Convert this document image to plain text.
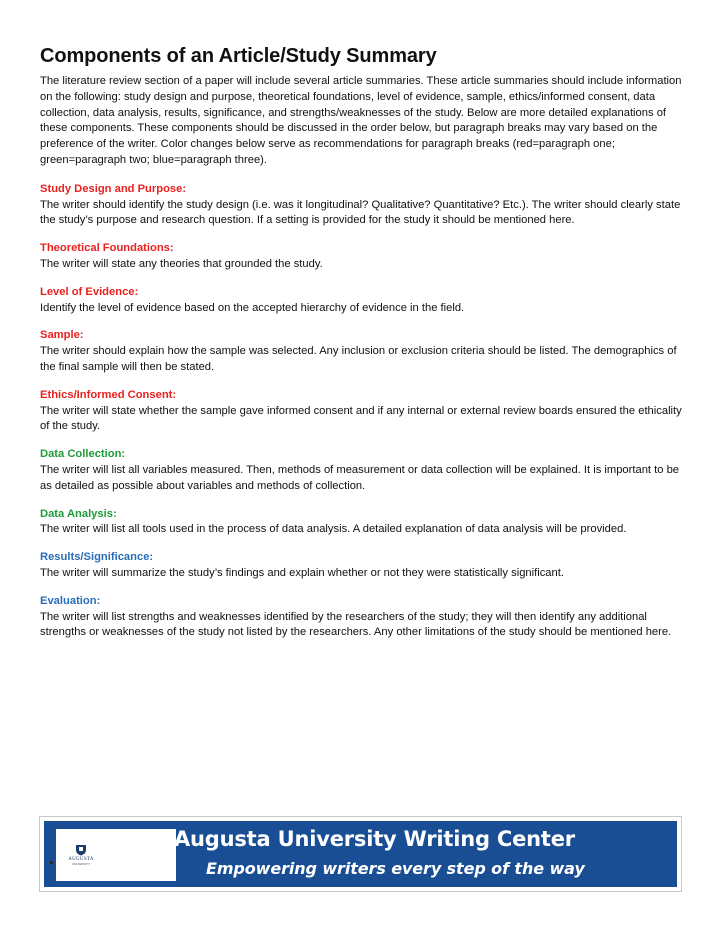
Components of an Article/Study Summary

The literature review section of a paper will include several article summaries. These article summaries should include information on the following: study design and purpose, theoretical foundations, level of evidence, sample, ethics/informed consent, data collection, data analysis, results, significance, and strengths/weaknesses of the study. Below are more detailed explanations of these components. These components should be discussed in the order below, but paragraph breaks may vary based on the preference of the writer. Color changes below serve as recommendations for paragraph breaks (red=paragraph one; green=paragraph two; blue=paragraph three).

Study Design and Purpose:

The writer should identify the study design (i.e. was it longitudinal? Qualitative? Quantitative? Etc.). The writer should clearly state the study’s purpose and research question. If a setting is provided for the study it should be mentioned here.

Theoretical Foundations:

The writer will state any theories that grounded the study.

Level of Evidence:

Identify the level of evidence based on the accepted hierarchy of evidence in the field.

Sample:

The writer should explain how the sample was selected. Any inclusion or exclusion criteria should be listed. The demographics of the final sample will then be stated.

Ethics/Informed Consent:

The writer will state whether the sample gave informed consent and if any internal or external review boards ensured the ethicality of the study.

Data Collection:

The writer will list all variables measured. Then, methods of measurement or data collection will be explained. It is important to be as detailed as possible about variables and methods of collection.

Data Analysis:

The writer will list all tools used in the process of data analysis. A detailed explanation of data analysis will be provided.

Results/Significance:

The writer will summarize the study’s findings and explain whether or not they were statistically significant.

Evaluation:

The writer will list strengths and weaknesses identified by the researchers of the study; they will then identify any additional strengths or weaknesses of the study not listed by the researchers. Any other limitations of the study should be mentioned here.

AUGUSTA
UNIVERSITY
Augusta University Writing Center
Empowering writers every step of the way
